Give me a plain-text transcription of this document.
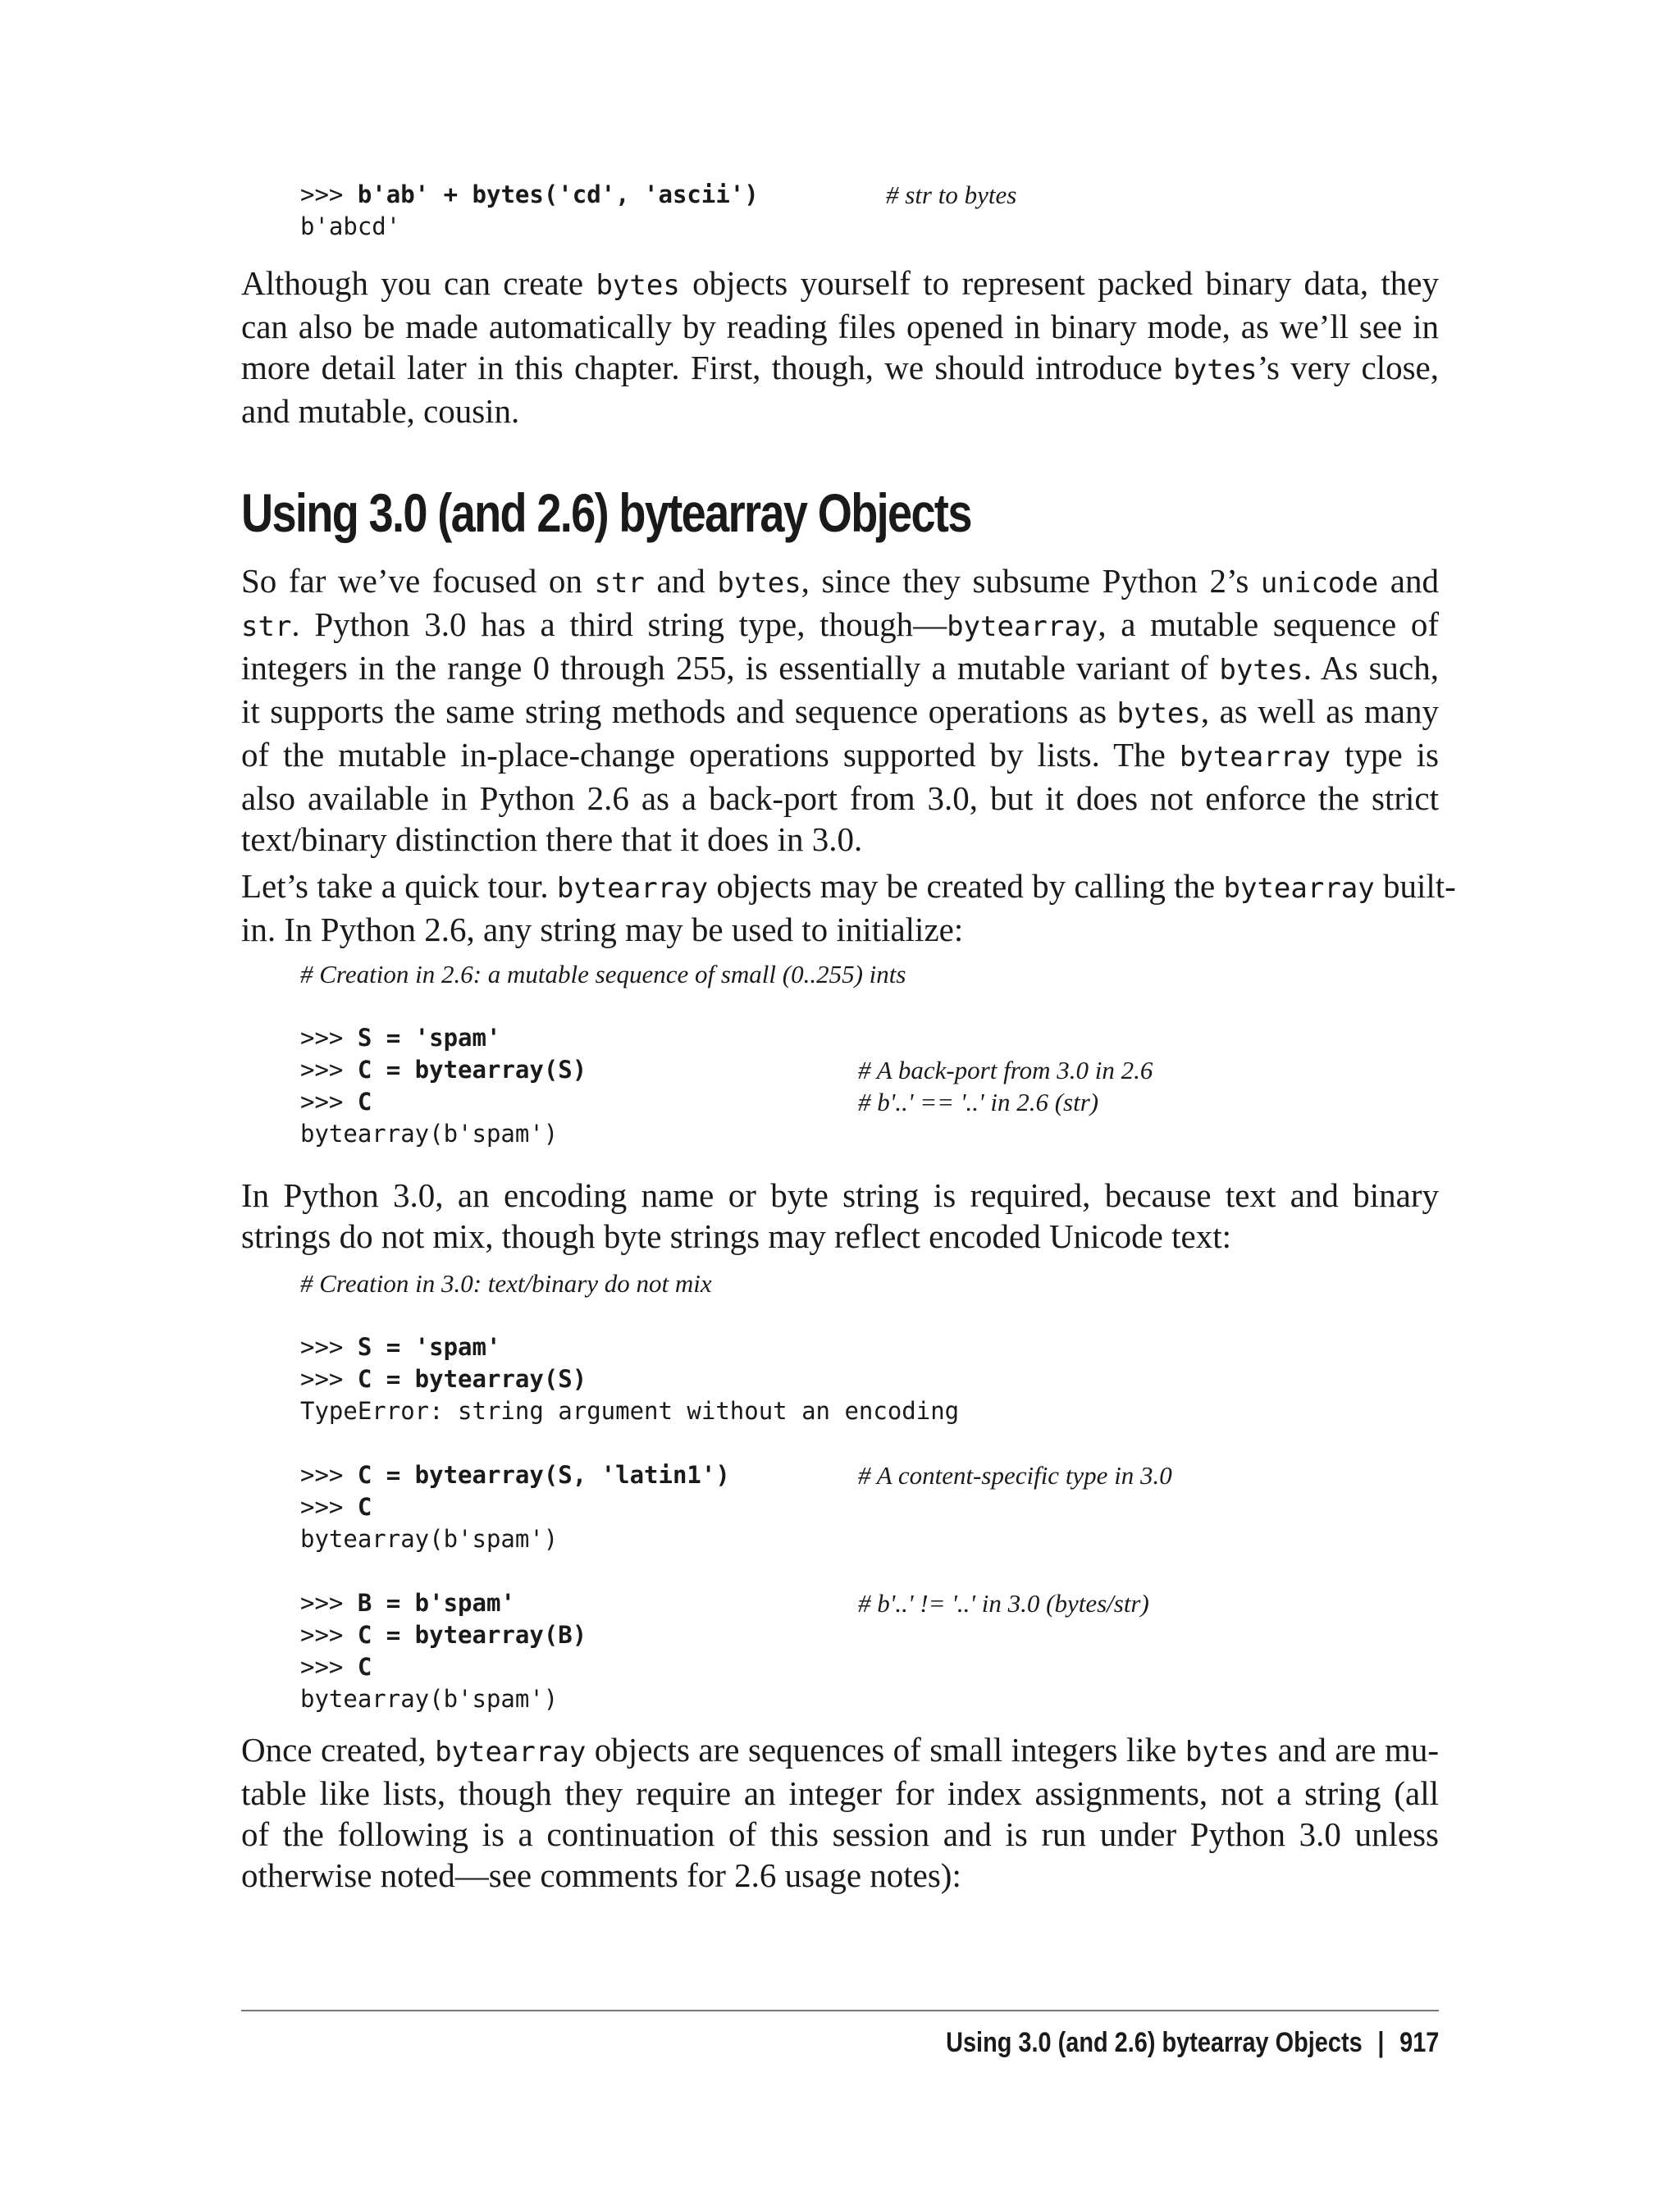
>>> b'ab' + bytes('cd', 'ascii')	# str to bytes
b'abcd'

Although you can create bytes objects yourself to represent packed binary data, they
can also be made automatically by reading files opened in binary mode, as we’ll see in
more detail later in this chapter. First, though, we should introduce bytes’s very close,
and mutable, cousin.

Using 3.0 (and 2.6) bytearray Objects

So far we’ve focused on str and bytes, since they subsume Python 2’s unicode and
str. Python 3.0 has a third string type, though—bytearray, a mutable sequence of
integers in the range 0 through 255, is essentially a mutable variant of bytes. As such,
it supports the same string methods and sequence operations as bytes, as well as many
of the mutable in-place-change operations supported by lists. The bytearray type is
also available in Python 2.6 as a back-port from 3.0, but it does not enforce the strict
text/binary distinction there that it does in 3.0.

Let’s take a quick tour. bytearray objects may be created by calling the bytearray built-
in. In Python 2.6, any string may be used to initialize:

# Creation in 2.6: a mutable sequence of small (0..255) ints
>>> S = 'spam'
>>> C = bytearray(S)	# A back-port from 3.0 in 2.6
>>> C	# b'..' == '..' in 2.6 (str)
bytearray(b'spam')

In Python 3.0, an encoding name or byte string is required, because text and binary
strings do not mix, though byte strings may reflect encoded Unicode text:

# Creation in 3.0: text/binary do not mix
>>> S = 'spam'
>>> C = bytearray(S)
TypeError: string argument without an encoding
>>> C = bytearray(S, 'latin1')	# A content-specific type in 3.0
>>> C
bytearray(b'spam')
>>> B = b'spam'	# b'..' != '..' in 3.0 (bytes/str)
>>> C = bytearray(B)
>>> C
bytearray(b'spam')

Once created, bytearray objects are sequences of small integers like bytes and are mu-
table like lists, though they require an integer for index assignments, not a string (all
of the following is a continuation of this session and is run under Python 3.0 unless
otherwise noted—see comments for 2.6 usage notes):

Using 3.0 (and 2.6) bytearray Objects | 917
